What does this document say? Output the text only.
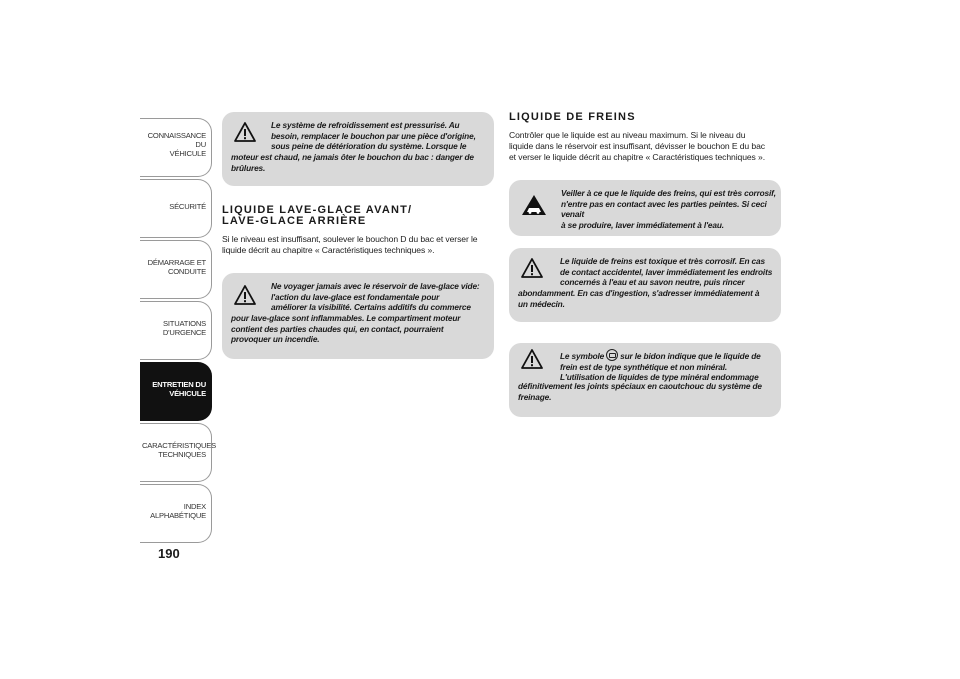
CONNAISSANCE DU
VÉHICULE
SÉCURITÉ
DÉMARRAGE ET
CONDUITE
SITUATIONS
D'URGENCE
ENTRETIEN DU
VÉHICULE
CARACTÉRISTIQUES
TECHNIQUES
INDEX
ALPHABÉTIQUE
190
Le système de refroidissement est pressurisé. Au
besoin, remplacer le bouchon par une pièce d'origine,
sous peine de détérioration du système. Lorsque le
moteur est chaud, ne jamais ôter le bouchon du bac : danger de
brûlures.
LIQUIDE LAVE-GLACE AVANT/
LAVE-GLACE ARRIÈRE
Si le niveau est insuffisant, soulever le bouchon D du bac et verser le
liquide décrit au chapitre « Caractéristiques techniques ».
Ne voyager jamais avec le réservoir de lave-glace vide:
l'action du lave-glace est fondamentale pour
améliorer la visibilité. Certains additifs du commerce
pour lave-glace sont inflammables. Le compartiment moteur
contient des parties chaudes qui, en contact, pourraient
provoquer un incendie.
LIQUIDE DE FREINS
Contrôler que le liquide est au niveau maximum. Si le niveau du
liquide dans le réservoir est insuffisant, dévisser le bouchon E du bac
et verser le liquide décrit au chapitre « Caractéristiques techniques ».
Veiller à ce que le liquide des freins, qui est très corrosif,
n'entre pas en contact avec les parties peintes. Si ceci venait
à se produire, laver immédiatement à l'eau.
Le liquide de freins est toxique et très corrosif. En cas
de contact accidentel, laver immédiatement les endroits
concernés à l'eau et au savon neutre, puis rincer
abondamment. En cas d'ingestion, s'adresser immédiatement à
un médecin.
Le symbole sur le bidon indique que le liquide de
frein est de type synthétique et non minéral.
L'utilisation de liquides de type minéral endommage
définitivement les joints spéciaux en caoutchouc du système de
freinage.
